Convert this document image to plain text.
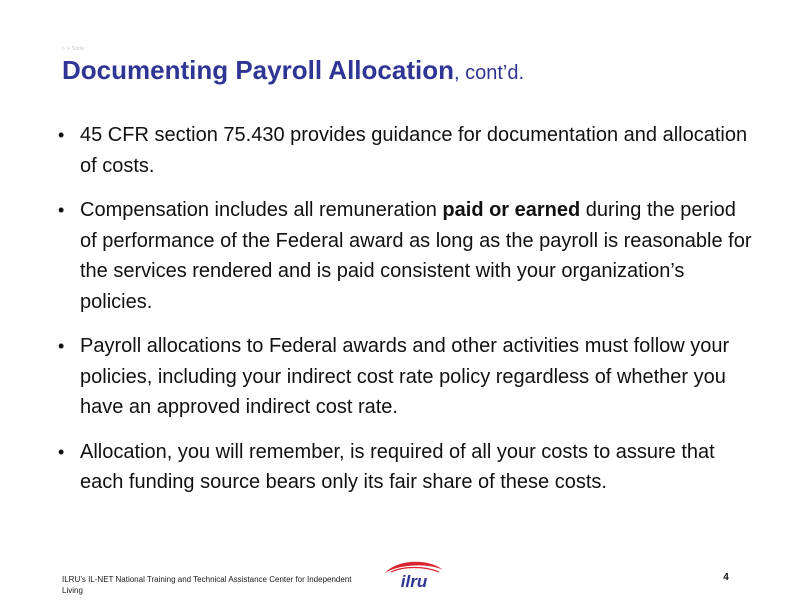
> > Slide
Documenting Payroll Allocation, cont’d.
• 45 CFR section 75.430 provides guidance for documentation and allocation of costs.
• Compensation includes all remuneration paid or earned during the period of performance of the Federal award as long as the payroll is reasonable for the services rendered and is paid consistent with your organization’s policies.
• Payroll allocations to Federal awards and other activities must follow your policies, including your indirect cost rate policy regardless of whether you have an approved indirect cost rate.
• Allocation, you will remember, is required of all your costs to assure that each funding source bears only its fair share of these costs.
ILRU’s IL-NET National Training and Technical Assistance Center for Independent Living	ilru	4
